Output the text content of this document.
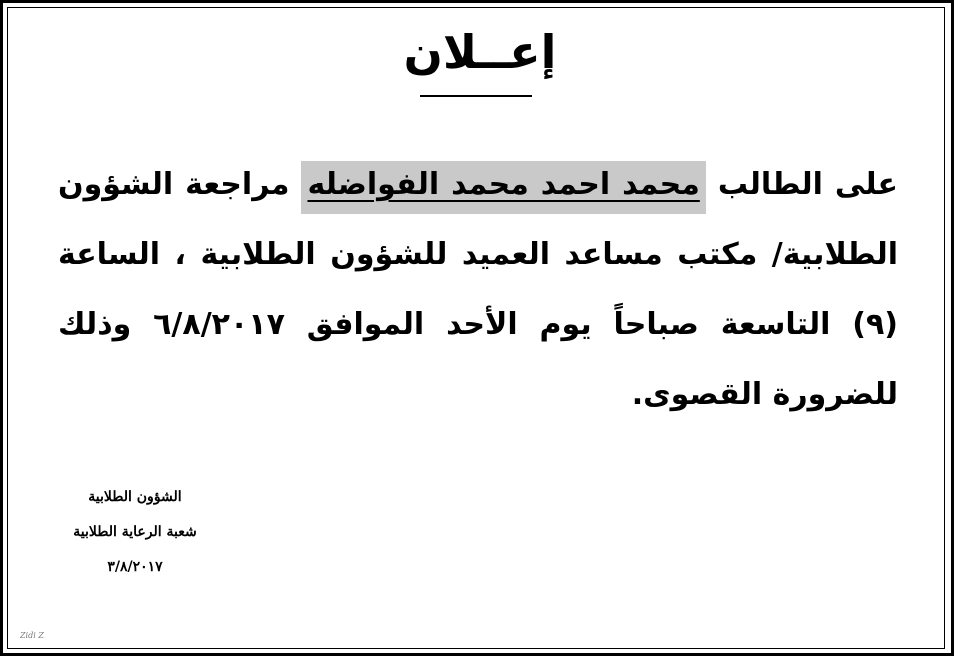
إعــلان
على الطالب محمد احمد محمد الفواضله مراجعة الشؤون الطلابية/ مكتب مساعد العميد للشؤون الطلابية ، الساعة (٩) التاسعة صباحاً يوم الأحد الموافق ٦/٨/٢٠١٧ وذلك للضرورة القصوى.
الشؤون الطلابية
شعبة الرعاية الطلابية
٣/٨/٢٠١٧
Zidi Z
